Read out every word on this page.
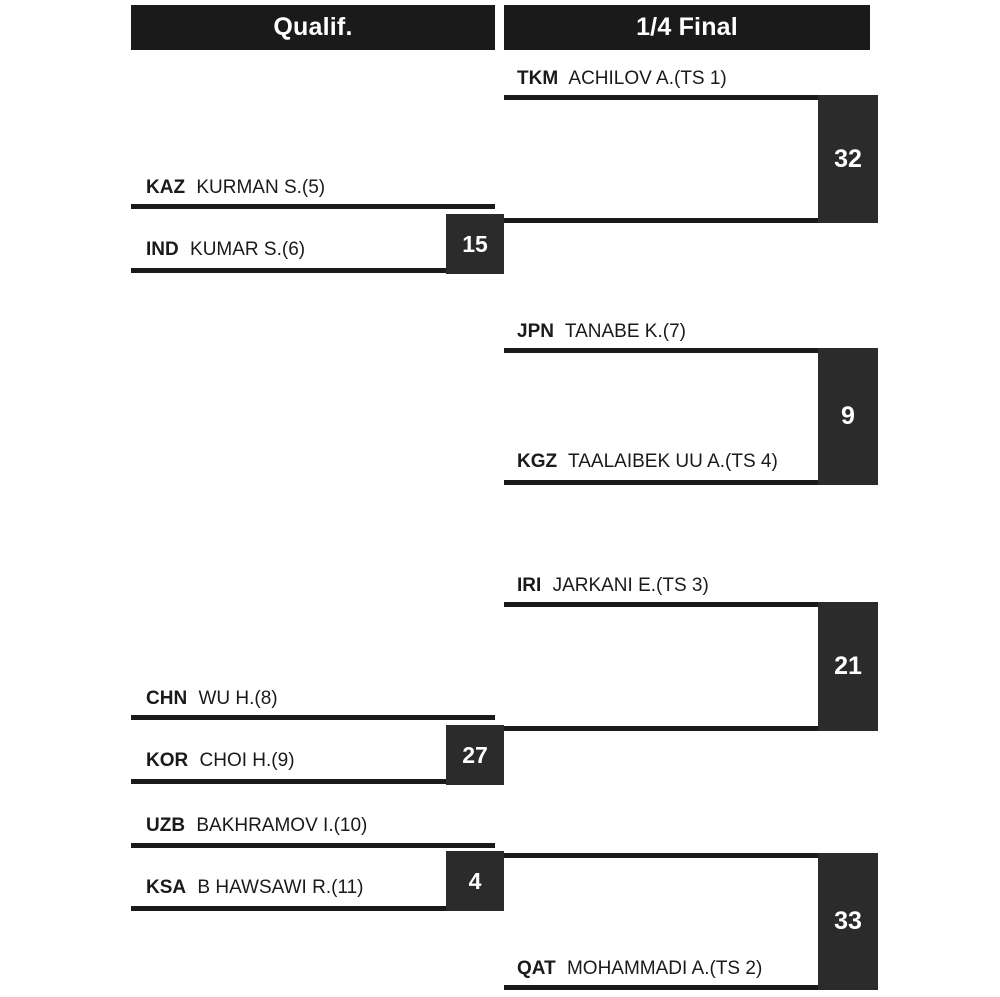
Qualif.	1/4 Final
TKM ACHILOV A.(TS 1)
32
KAZ KURMAN S.(5)
IND KUMAR S.(6)	15
JPN TANABE K.(7)
KGZ TAALAIBEK UU A.(TS 4)
9
IRI JARKANI E.(TS 3)
21
CHN WU H.(8)
KOR CHOI H.(9)	27
UZB BAKHRAMOV I.(10)
KSA B HAWSAWI R.(11)	4
QAT MOHAMMADI A.(TS 2)
33
